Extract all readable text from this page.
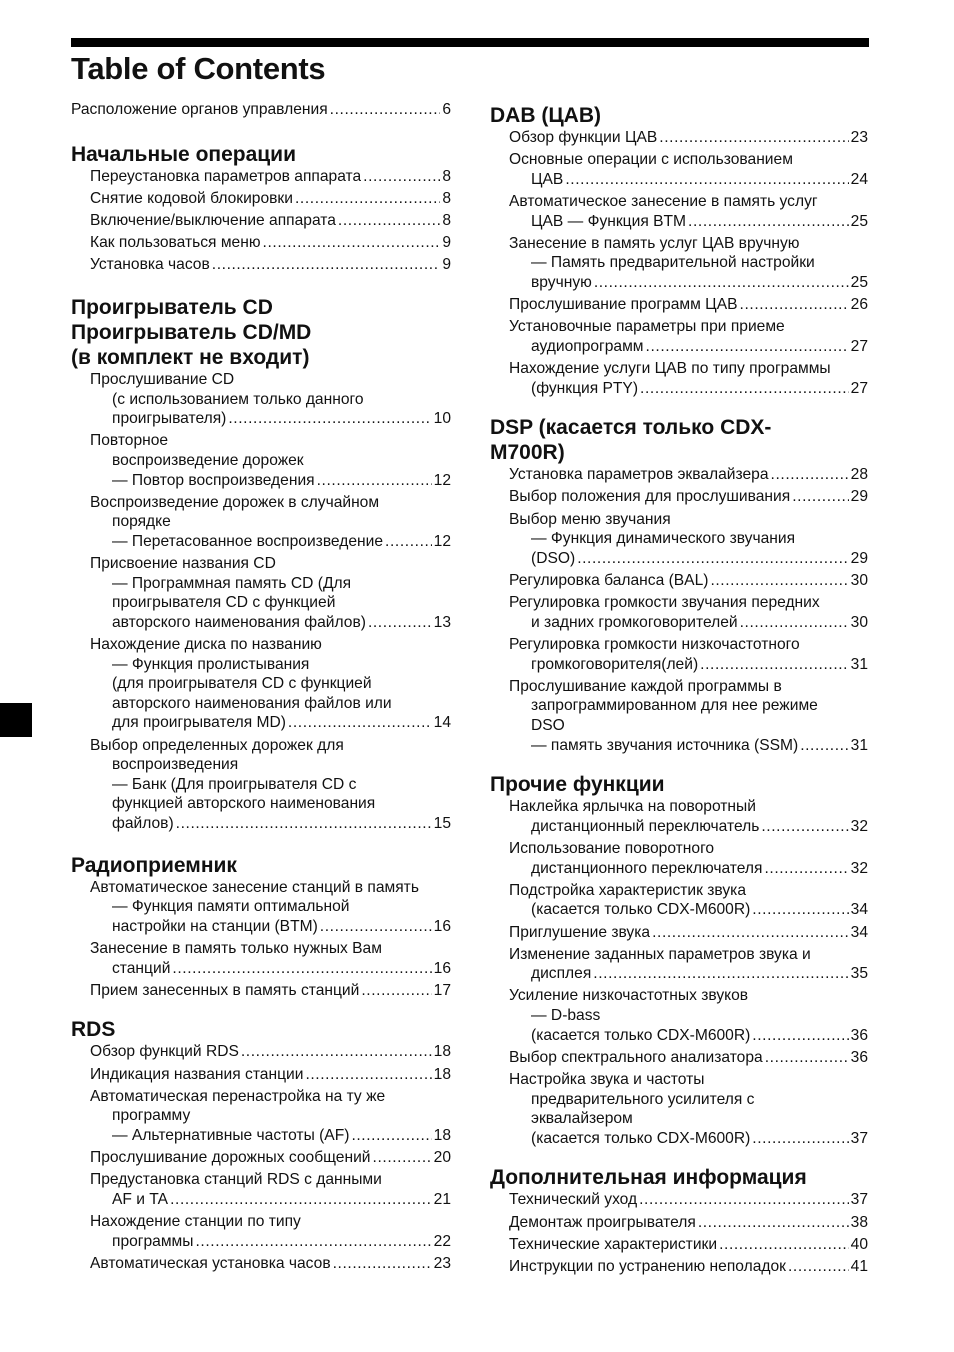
Table of Contents
Расположение органов управления .....	6
Начальные операции
Переустановка параметров аппарата .....	8
Снятие кодовой блокировки .....	8
Включение/выключение аппарата .....	8
Как пользоваться меню .....	9
Установка часов .....	9
Проигрыватель CD
Проигрыватель CD/MD
(в комплект не входит)
Прослушивание CD
(с использованием только данного
проигрывателя) .....	10
Повторное
воспроизведение дорожек
— Повтор воспроизведения .....	12
Воспроизведение дорожек в случайном
порядке
— Перетасованное воспроизведение .....	12
Присвоение названия CD
— Программная память CD (Для
проигрывателя CD с функцией
авторского наименования файлов) .....	13
Нахождение диска по названию
— Функция пролистывания
(для проигрывателя CD с функцией
авторского наименования файлов или
для проигрывателя MD) .....	14
Выбор определенных дорожек для
воспроизведения
— Банк (Для проигрывателя CD с
функцией авторского наименования
файлов) .....	15
Радиоприемник
Автоматическое занесение станций в память
— Функция памяти оптимальной
настройки на станции (BTM) .....	16
Занесение в память только нужных Вам
станций .....	16
Прием занесенных в память станций .....	17
RDS
Обзор функций RDS .....	18
Индикация названия станции .....	18
Автоматическая перенастройка на ту же
программу
— Альтернативные частоты (AF) .....	18
Прослушивание дорожных сообщений .....	20
Предустановка станций RDS с данными
AF и TA .....	21
Нахождение станции по типу
программы .....	22
Автоматическая установка часов .....	23
DAB (ЦАВ)
Обзор функции ЦАВ .....	23
Основные операции с использованием
ЦАВ .....	24
Автоматическое занесение в память услуг
ЦАВ — Функция BTM .....	25
Занесение в память услуг ЦАВ вручную
— Память предварительной настройки
вручную .....	25
Прослушивание программ ЦАВ .....	26
Установочные параметры при приеме
аудиопрограмм .....	27
Нахождение услуги ЦАВ по типу программы
(функция PTY) .....	27
DSP (касается только CDX-
M700R)
Установка параметров эквалайзера .....	28
Выбор положения для прослушивания .....	29
Выбор меню звучания
— Функция динамического звучания
(DSO) .....	29
Регулировка баланса (BAL) .....	30
Регулировка громкости звучания передних
и задних громкоговорителей .....	30
Регулировка громкости низкочастотного
громкоговорителя(лей) .....	31
Прослушивание каждой программы в
запрограммированном для нее режиме
DSO
— память звучания источника (SSM) .....	31
Прочие функции
Наклейка ярлычка на поворотный
дистанционный переключатель .....	32
Использование поворотного
дистанционного переключателя .....	32
Подстройка характеристик звука
(касается только CDX-M600R) .....	34
Приглушение звука .....	34
Изменение заданных параметров звука и
дисплея .....	35
Усиление низкочастотных звуков
— D-bass
(касается только CDX-M600R) .....	36
Выбор спектрального анализатора .....	36
Настройка звука и частоты
предварительного усилителя с
эквалайзером
(касается только CDX-M600R) .....	37
Дополнительная информация
Технический уход .....	37
Демонтаж проигрывателя .....	38
Технические характеристики .....	40
Инструкции по устранению неполадок .....	41
